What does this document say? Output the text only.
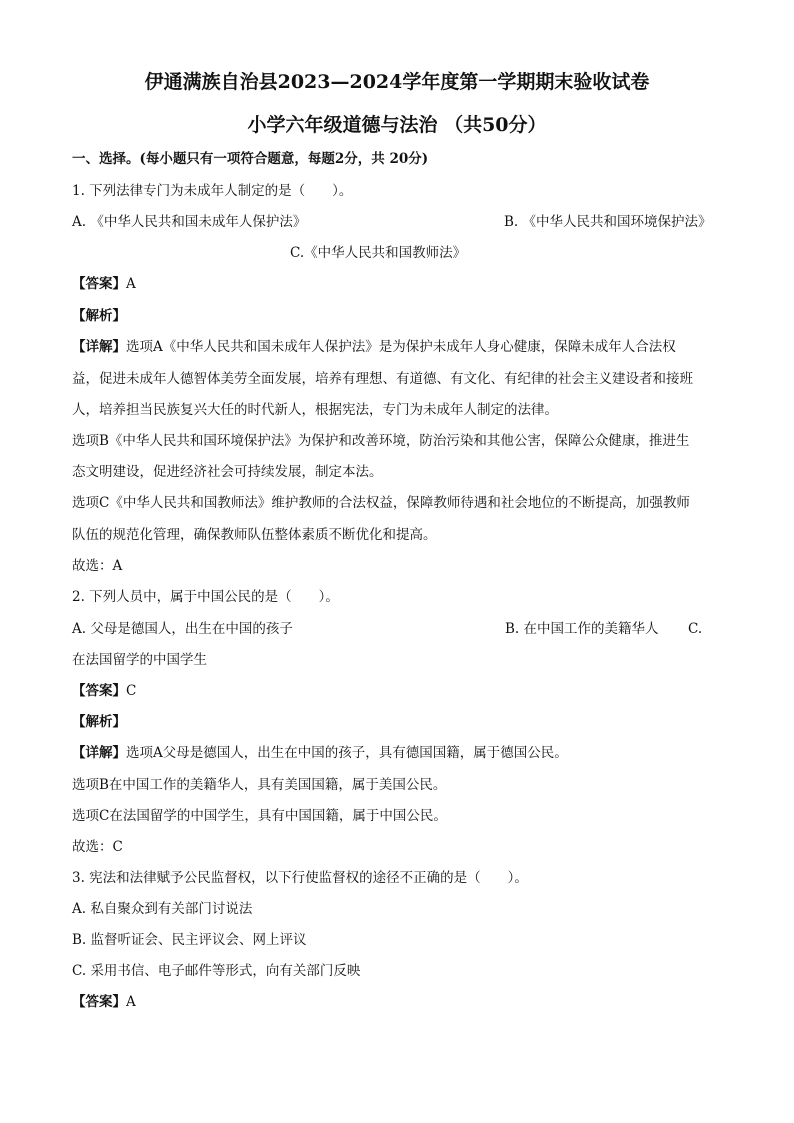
伊通满族自治县2023—2024学年度第一学期期末验收试卷
小学六年级道德与法治 （共50分）
一、选择。(每小题只有一项符合题意，每题2分，共 20分)
1. 下列法律专门为未成年人制定的是（　　）。
A. 《中华人民共和国未成年人保护法》	B. 《中华人民共和国环境保护法》
C.《中华人民共和国教师法》
【答案】A
【解析】
【详解】选项A《中华人民共和国未成年人保护法》是为保护未成年人身心健康，保障未成年人合法权
益，促进未成年人德智体美劳全面发展，培养有理想、有道德、有文化、有纪律的社会主义建设者和接班
人，培养担当民族复兴大任的时代新人，根据宪法，专门为未成年人制定的法律。
选项B《中华人民共和国环境保护法》为保护和改善环境，防治污染和其他公害，保障公众健康，推进生
态文明建设，促进经济社会可持续发展，制定本法。
选项C《中华人民共和国教师法》维护教师的合法权益，保障教师待遇和社会地位的不断提高，加强教师
队伍的规范化管理，确保教师队伍整体素质不断优化和提高。
故选：A
2. 下列人员中，属于中国公民的是（　　）。
A. 父母是德国人，出生在中国的孩子	B. 在中国工作的美籍华人 C.
在法国留学的中国学生
【答案】C
【解析】
【详解】选项A父母是德国人，出生在中国的孩子，具有德国国籍，属于德国公民。
选项B在中国工作的美籍华人，具有美国国籍，属于美国公民。
选项C在法国留学的中国学生，具有中国国籍，属于中国公民。
故选：C
3. 宪法和法律赋予公民监督权，以下行使监督权的途径不正确的是（　　）。
A. 私自聚众到有关部门讨说法
B. 监督听证会、民主评议会、网上评议
C. 采用书信、电子邮件等形式，向有关部门反映
【答案】A
